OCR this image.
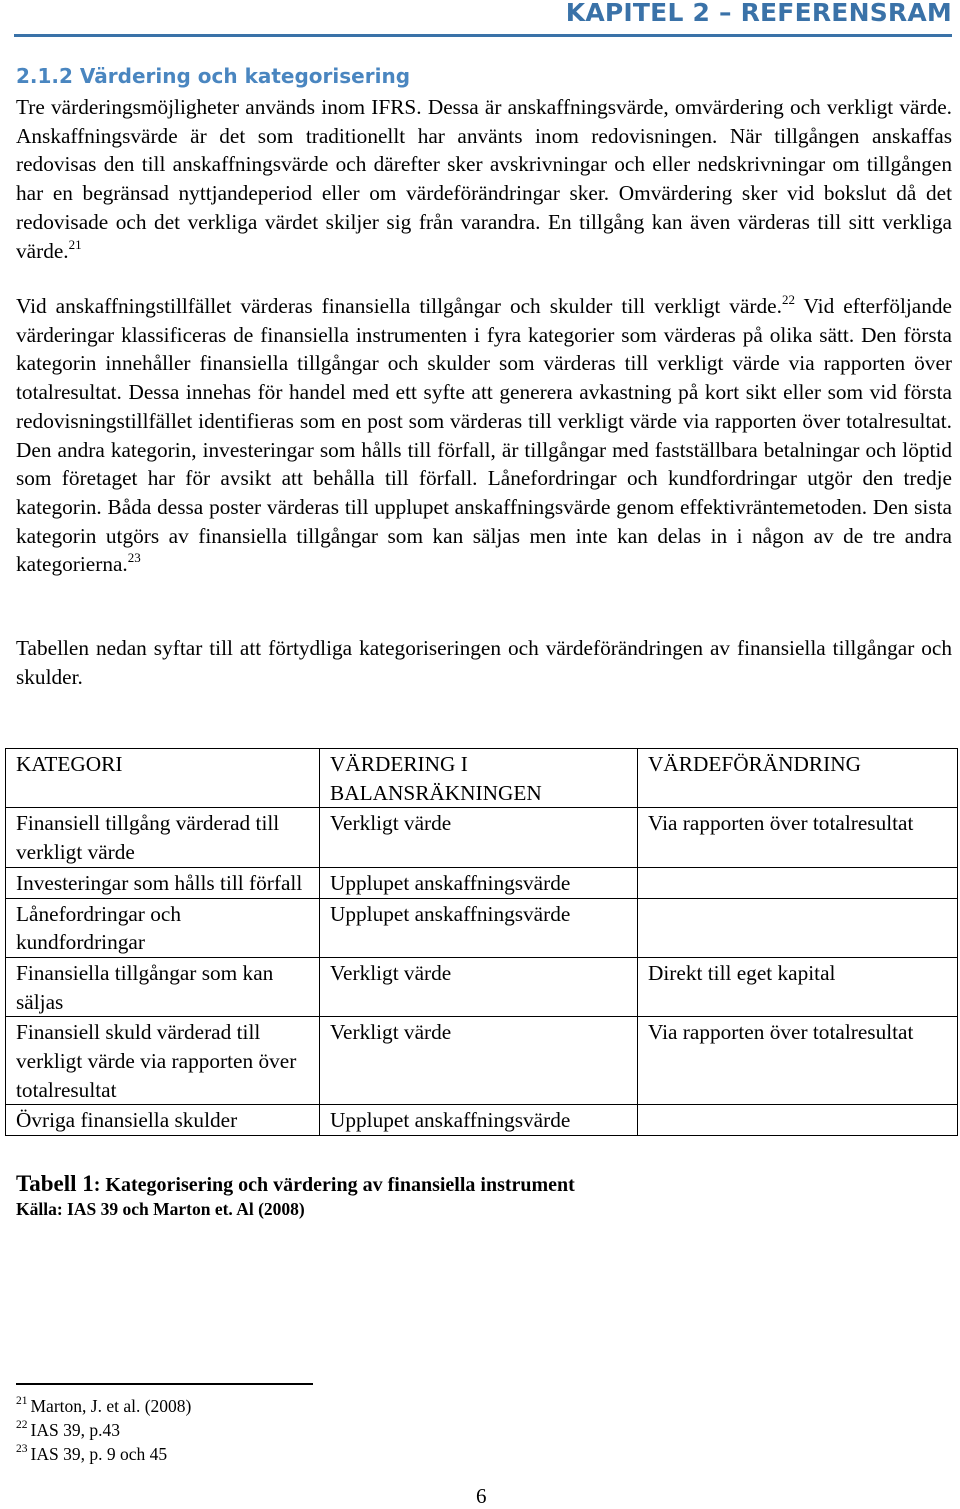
KAPITEL 2 – REFERENSRAM
2.1.2 Värdering och kategorisering
Tre värderingsmöjligheter används inom IFRS. Dessa är anskaffningsvärde, omvärdering och verkligt värde. Anskaffningsvärde är det som traditionellt har använts inom redovisningen. När tillgången anskaffas redovisas den till anskaffningsvärde och därefter sker avskrivningar och eller nedskrivningar om tillgången har en begränsad nyttjandeperiod eller om värdeförändringar sker. Omvärdering sker vid bokslut då det redovisade och det verkliga värdet skiljer sig från varandra. En tillgång kan även värderas till sitt verkliga värde.$^{21}$
Vid anskaffningstillfället värderas finansiella tillgångar och skulder till verkligt värde.$^{22}$ Vid efterföljande värderingar klassificeras de finansiella instrumenten i fyra kategorier som värderas på olika sätt. Den första kategorin innehåller finansiella tillgångar och skulder som värderas till verkligt värde via rapporten över totalresultat. Dessa innehas för handel med ett syfte att generera avkastning på kort sikt eller som vid första redovisningstillfället identifieras som en post som värderas till verkligt värde via rapporten över totalresultat. Den andra kategorin, investeringar som hålls till förfall, är tillgångar med fastställbara betalningar och löptid som företaget har för avsikt att behålla till förfall. Lånefordringar och kundfordringar utgör den tredje kategorin. Båda dessa poster värderas till upplupet anskaffningsvärde genom effektivräntemetoden. Den sista kategorin utgörs av finansiella tillgångar som kan säljas men inte kan delas in i någon av de tre andra kategorierna.$^{23}$
Tabellen nedan syftar till att förtydliga kategoriseringen och värdeförändringen av finansiella tillgångar och skulder.
KATEGORI	VÄRDERING I BALANSRÄKNINGEN	VÄRDEFÖRÄNDRING
Finansiell tillgång värderad till verkligt värde	Verkligt värde	Via rapporten över totalresultat
Investeringar som hålls till förfall	Upplupet anskaffningsvärde	
Lånefordringar och kundfordringar	Upplupet anskaffningsvärde	
Finansiella tillgångar som kan säljas	Verkligt värde	Direkt till eget kapital
Finansiell skuld värderad till verkligt värde via rapporten över totalresultat	Verkligt värde	Via rapporten över totalresultat
Övriga finansiella skulder	Upplupet anskaffningsvärde	
Tabell 1: Kategorisering och värdering av finansiella instrument
Källa: IAS 39 och Marton et. Al (2008)
$^{21}$ Marton, J. et al. (2008)
$^{22}$ IAS 39, p.43
$^{23}$ IAS 39, p. 9 och 45
6
